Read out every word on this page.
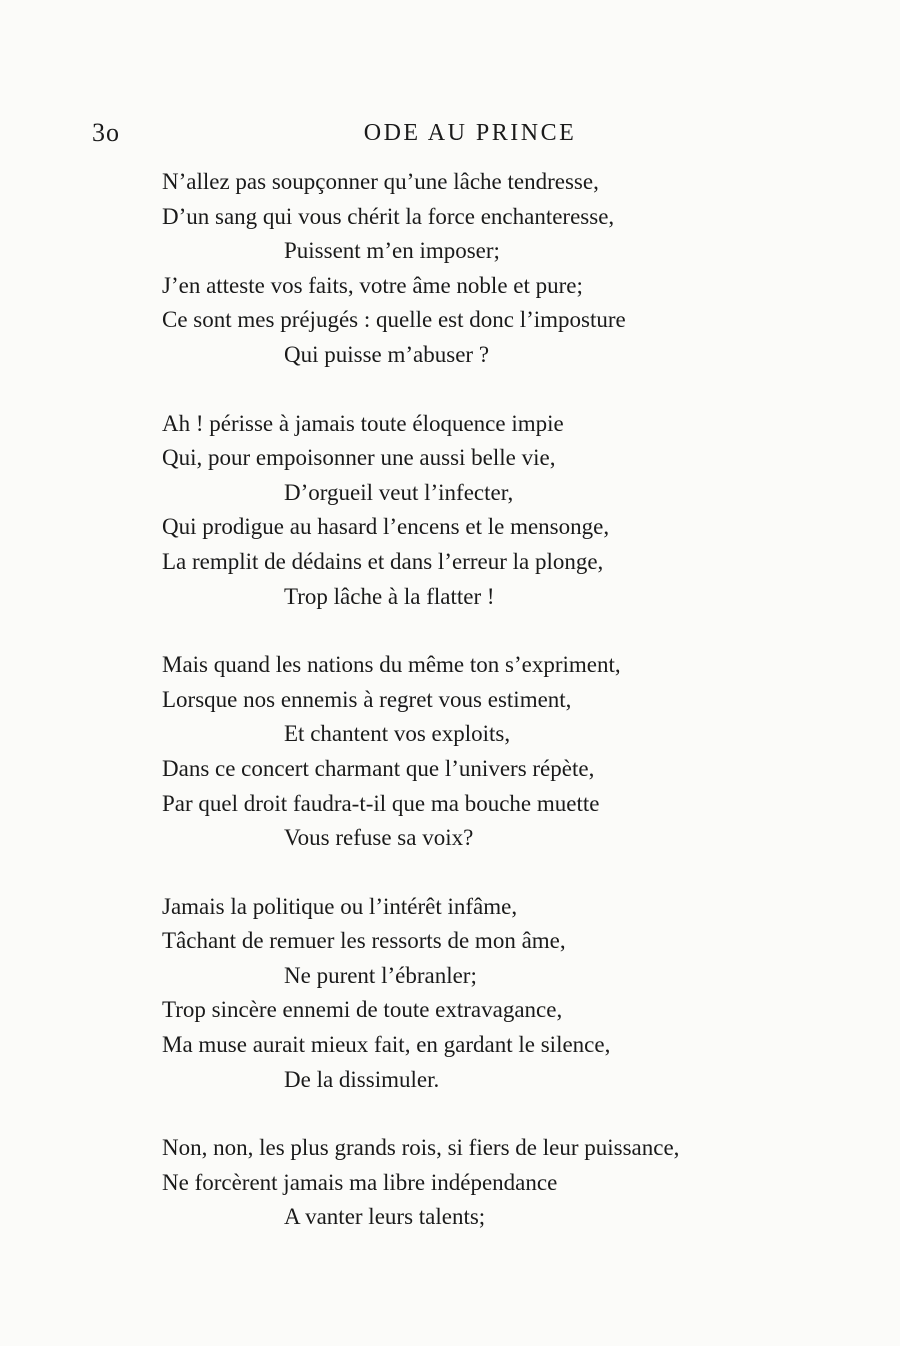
3o	ODE AU PRINCE
N’allez pas soupçonner qu’une lâche tendresse,
D’un sang qui vous chérit la force enchanteresse,
Puissent m’en imposer;
J’en atteste vos faits, votre âme noble et pure;
Ce sont mes préjugés : quelle est donc l’imposture
Qui puisse m’abuser ?
Ah ! périsse à jamais toute éloquence impie
Qui, pour empoisonner une aussi belle vie,
D’orgueil veut l’infecter,
Qui prodigue au hasard l’encens et le mensonge,
La remplit de dédains et dans l’erreur la plonge,
Trop lâche à la flatter !
Mais quand les nations du même ton s’expriment,
Lorsque nos ennemis à regret vous estiment,
Et chantent vos exploits,
Dans ce concert charmant que l’univers répète,
Par quel droit faudra-t-il que ma bouche muette
Vous refuse sa voix?
Jamais la politique ou l’intérêt infâme,
Tâchant de remuer les ressorts de mon âme,
Ne purent l’ébranler;
Trop sincère ennemi de toute extravagance,
Ma muse aurait mieux fait, en gardant le silence,
De la dissimuler.
Non, non, les plus grands rois, si fiers de leur puissance,
Ne forcèrent jamais ma libre indépendance
A vanter leurs talents;
